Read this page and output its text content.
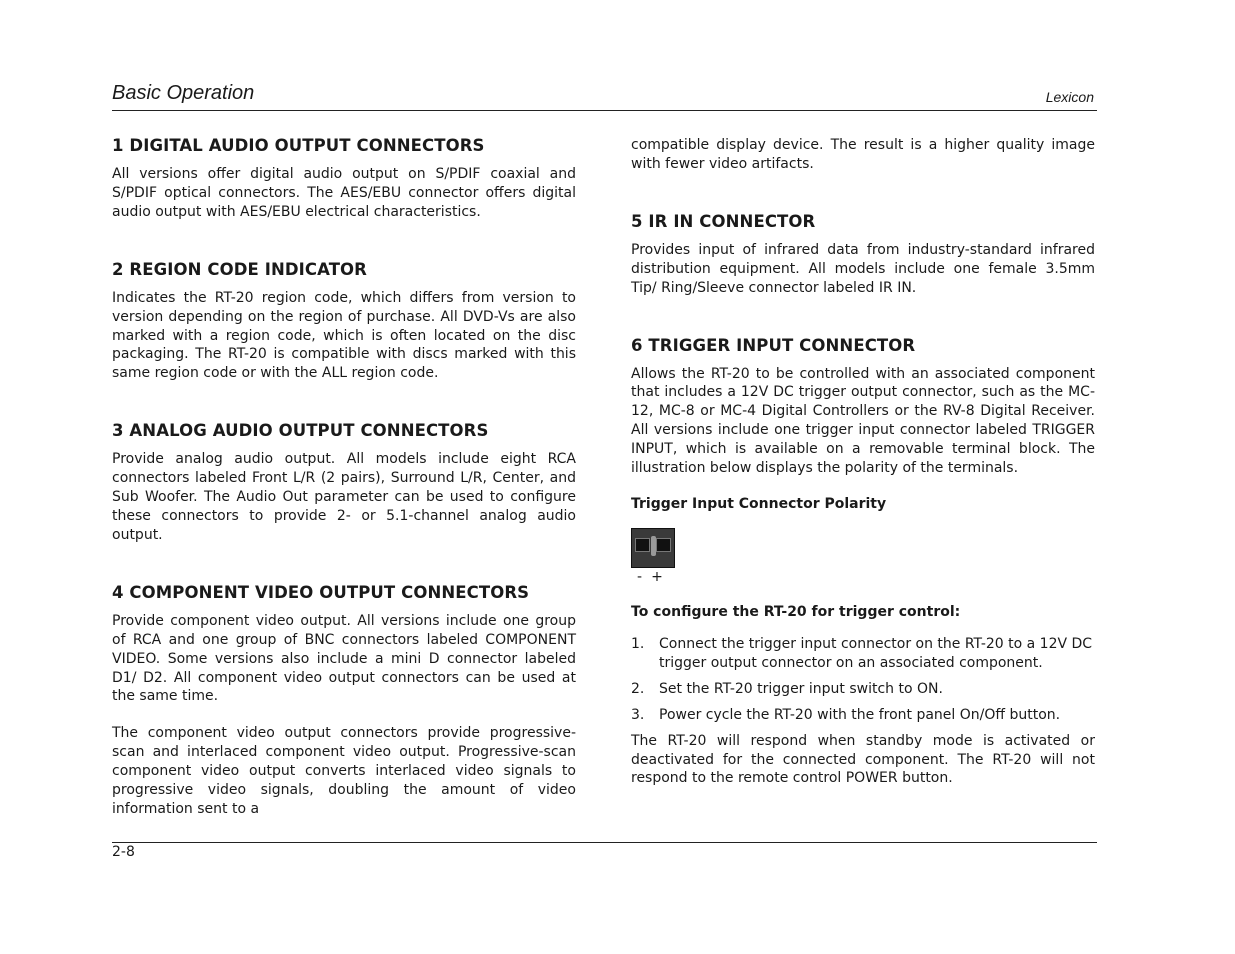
Basic Operation	Lexicon
1 DIGITAL AUDIO OUTPUT CONNECTORS

All versions offer digital audio output on S/PDIF coaxial and S/PDIF optical connectors. The AES/EBU connector offers digital audio output with AES/EBU electrical characteristics.

2 REGION CODE INDICATOR

Indicates the RT-20 region code, which differs from version to version depending on the region of purchase. All DVD-Vs are also marked with a region code, which is often located on the disc packaging. The RT-20 is compatible with discs marked with this same region code or with the ALL region code.

3 ANALOG AUDIO OUTPUT CONNECTORS

Provide analog audio output. All models include eight RCA connectors labeled Front L/R (2 pairs), Surround L/R, Center, and Sub Woofer. The Audio Out parameter can be used to configure these connectors to provide 2- or 5.1-channel analog audio output.

4 COMPONENT VIDEO OUTPUT CONNECTORS

Provide component video output. All versions include one group of RCA and one group of BNC connectors labeled COMPONENT VIDEO. Some versions also include a mini D connector labeled D1/ D2. All component video output connectors can be used at the same time.

The component video output connectors provide progressive-scan and interlaced component video output. Progressive-scan component video output converts interlaced video signals to progressive video signals, doubling the amount of video information sent to a

compatible display device. The result is a higher quality image with fewer video artifacts.

5 IR IN CONNECTOR

Provides input of infrared data from industry-standard infrared distribution equipment. All models include one female 3.5mm Tip/ Ring/Sleeve connector labeled IR IN.

6 TRIGGER INPUT CONNECTOR

Allows the RT-20 to be controlled with an associated component that includes a 12V DC trigger output connector, such as the MC-12, MC-8 or MC-4 Digital Controllers or the RV-8 Digital Receiver. All versions include one trigger input connector labeled TRIGGER INPUT, which is available on a removable terminal block. The illustration below displays the polarity of the terminals.

Trigger Input Connector Polarity
-+
To configure the RT-20 for trigger control:
1. Connect the trigger input connector on the RT-20 to a 12V DC trigger output connector on an associated component.
2. Set the RT-20 trigger input switch to ON.
3. Power cycle the RT-20 with the front panel On/Off button.

The RT-20 will respond when standby mode is activated or deactivated for the connected component. The RT-20 will not respond to the remote control POWER button.

2-8
